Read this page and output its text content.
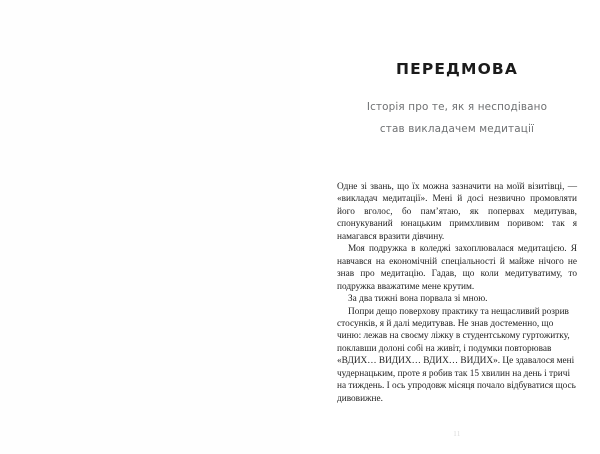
ПЕРЕДМОВА
Історія про те, як я несподівано
став викладачем медитації

Одне зі звань, що їх можна зазначити на моїй візитівці, — «викладач медитації». Мені й досі незвично промовляти його вголос, бо пам’ятаю, як попервах медитував, спонукуваний юнацьким примхливим поривом: так я намагався вразити дівчину.

Моя подружка в коледжі захоплювалася медитацією. Я навчався на економічній спеціальності й майже нічого не знав про медитацію. Гадав, що коли медитуватиму, то подружка вважатиме мене крутим.

За два тижні вона порвала зі мною.

Попри дещо поверхову практику та нещасливий розрив стосунків, я й далі медитував. Не знав достеменно, що чиню: лежав на своєму ліжку в студентському гуртожитку, поклавши долоні собі на живіт, і подумки повторював «ВДИХ… ВИДИХ… ВДИХ… ВИДИХ». Це здавалося мені чудернацьким, проте я робив так 15 хвилин на день і тричі на тиждень. І ось упродовж місяця почало відбуватися щось дивовижне.

11
